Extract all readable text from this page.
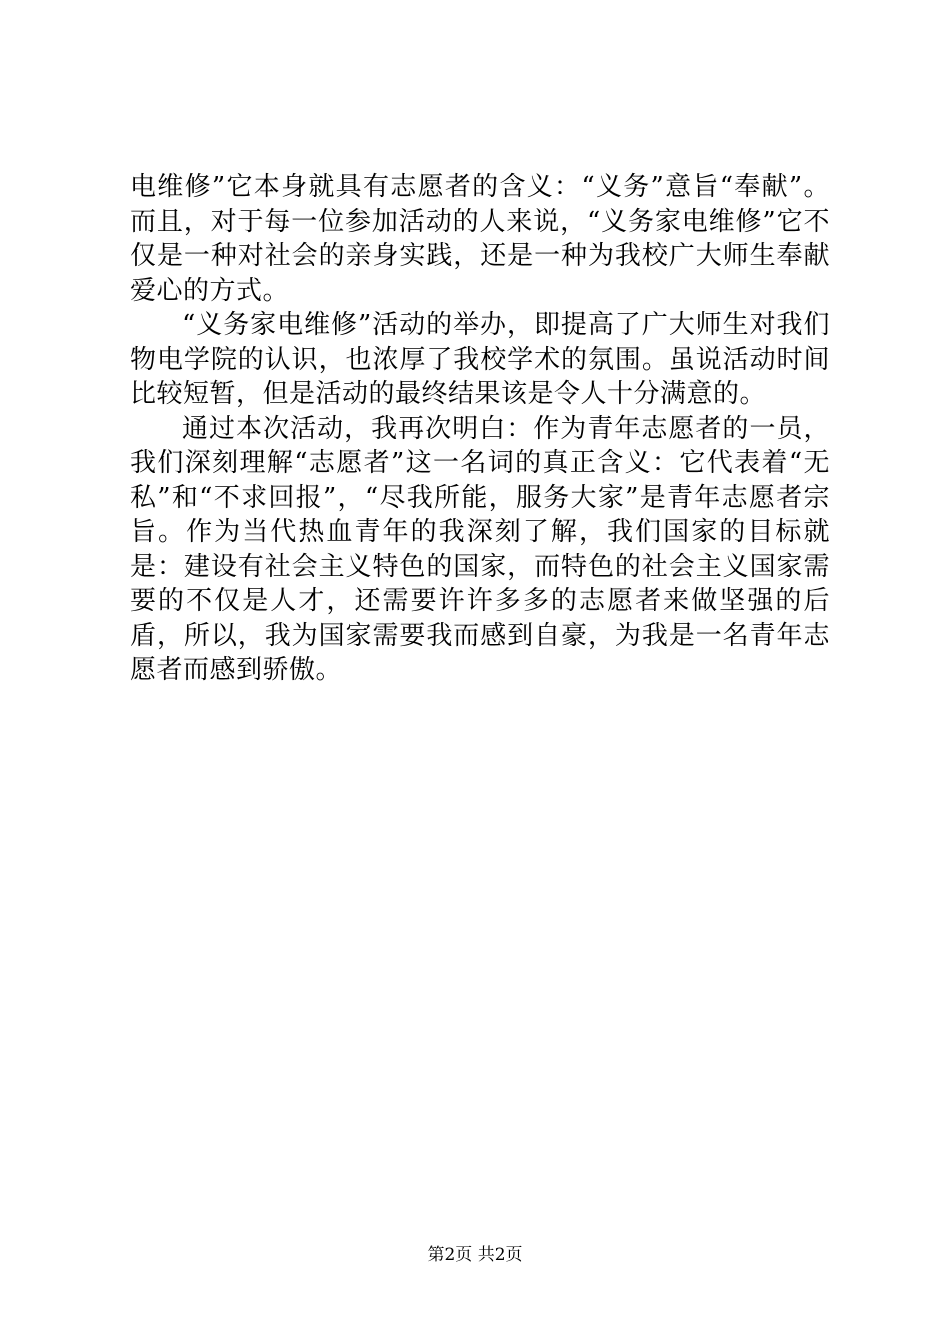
电维修”它本身就具有志愿者的含义：“义务”意旨“奉献”。而且，对于每一位参加活动的人来说，“义务家电维修”它不仅是一种对社会的亲身实践，还是一种为我校广大师生奉献爱心的方式。

“义务家电维修”活动的举办，即提高了广大师生对我们物电学院的认识，也浓厚了我校学术的氛围。虽说活动时间比较短暂，但是活动的最终结果该是令人十分满意的。

通过本次活动，我再次明白：作为青年志愿者的一员，我们深刻理解“志愿者”这一名词的真正含义：它代表着“无私”和“不求回报”，“尽我所能，服务大家”是青年志愿者宗旨。作为当代热血青年的我深刻了解，我们国家的目标就是：建设有社会主义特色的国家，而特色的社会主义国家需要的不仅是人才，还需要许许多多的志愿者来做坚强的后盾，所以，我为国家需要我而感到自豪，为我是一名青年志愿者而感到骄傲。

第2页 共2页
